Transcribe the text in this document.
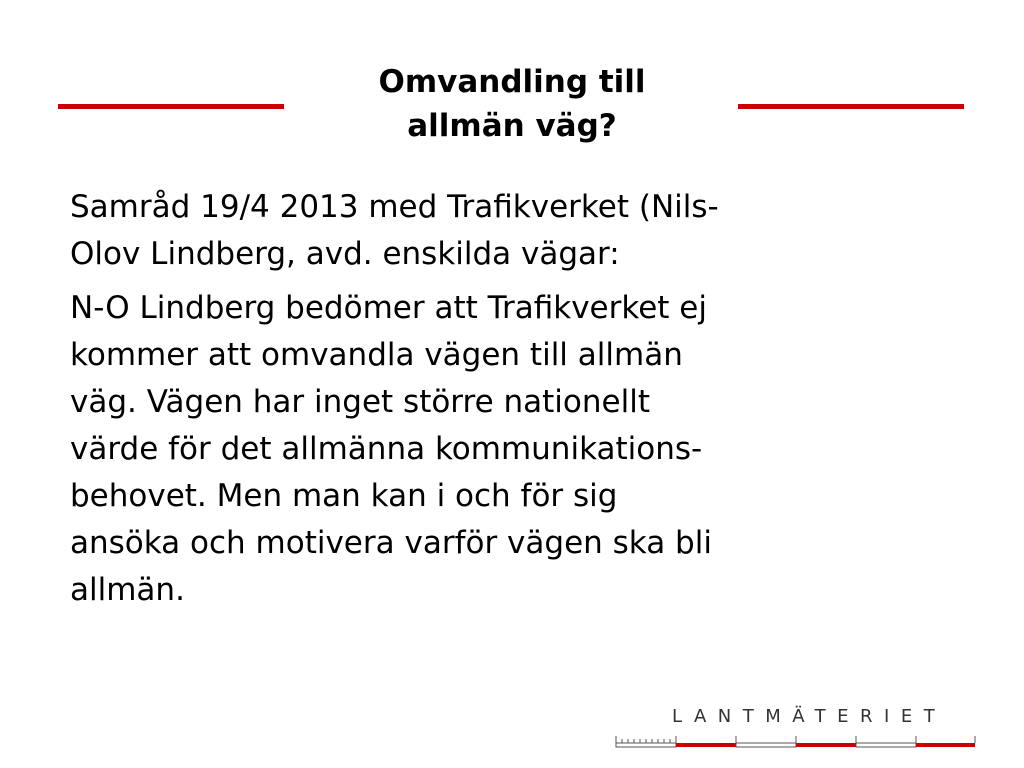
Omvandling till
allmän väg?

Samråd 19/4 2013 med Trafikverket (Nils-
Olov Lindberg, avd. enskilda vägar:

N-O Lindberg bedömer att Trafikverket ej
kommer att omvandla vägen till allmän
väg. Vägen har inget större nationellt
värde för det allmänna kommunikations-
behovet. Men man kan i och för sig
ansöka och motivera varför vägen ska bli
allmän.

LANTMÄTERIET
